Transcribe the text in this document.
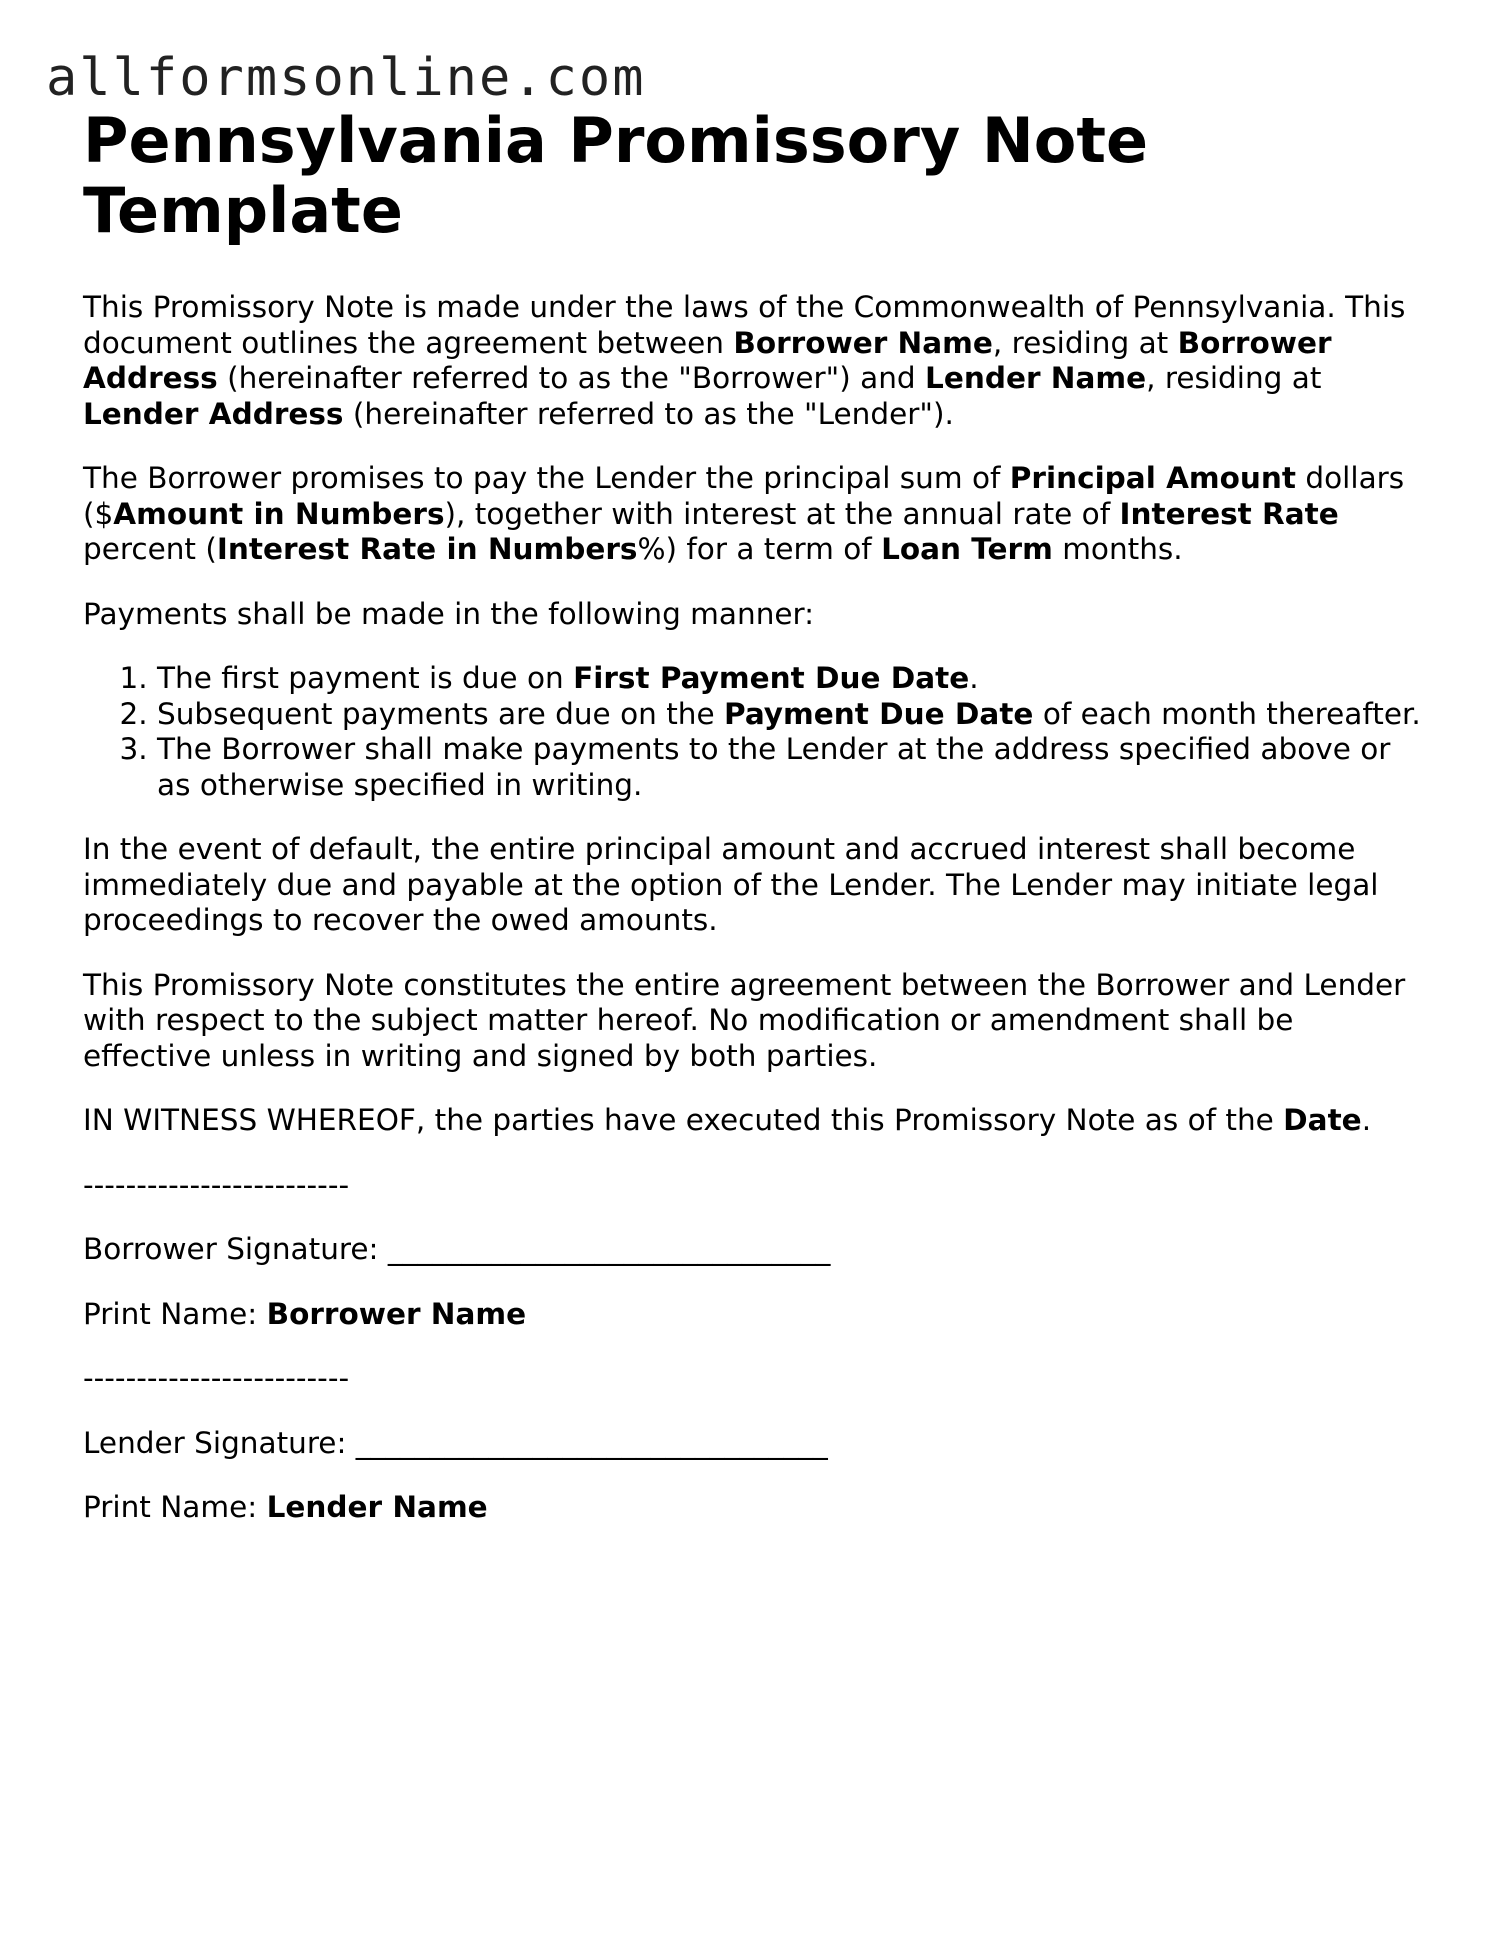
allformsonline.com
Pennsylvania Promissory Note Template

This Promissory Note is made under the laws of the Commonwealth of Pennsylvania. This document outlines the agreement between Borrower Name, residing at Borrower Address (hereinafter referred to as the "Borrower") and Lender Name, residing at Lender Address (hereinafter referred to as the "Lender").

The Borrower promises to pay the Lender the principal sum of Principal Amount dollars ($Amount in Numbers), together with interest at the annual rate of Interest Rate percent (Interest Rate in Numbers%) for a term of Loan Term months.

Payments shall be made in the following manner:

1. The first payment is due on First Payment Due Date.
2. Subsequent payments are due on the Payment Due Date of each month thereafter.
3. The Borrower shall make payments to the Lender at the address specified above or as otherwise specified in writing.

In the event of default, the entire principal amount and accrued interest shall become immediately due and payable at the option of the Lender. The Lender may initiate legal proceedings to recover the owed amounts.

This Promissory Note constitutes the entire agreement between the Borrower and Lender with respect to the subject matter hereof. No modification or amendment shall be effective unless in writing and signed by both parties.

IN WITNESS WHEREOF, the parties have executed this Promissory Note as of the Date.

-------------------------

Borrower Signature: ______________________________

Print Name: Borrower Name

-------------------------

Lender Signature: ________________________________

Print Name: Lender Name
